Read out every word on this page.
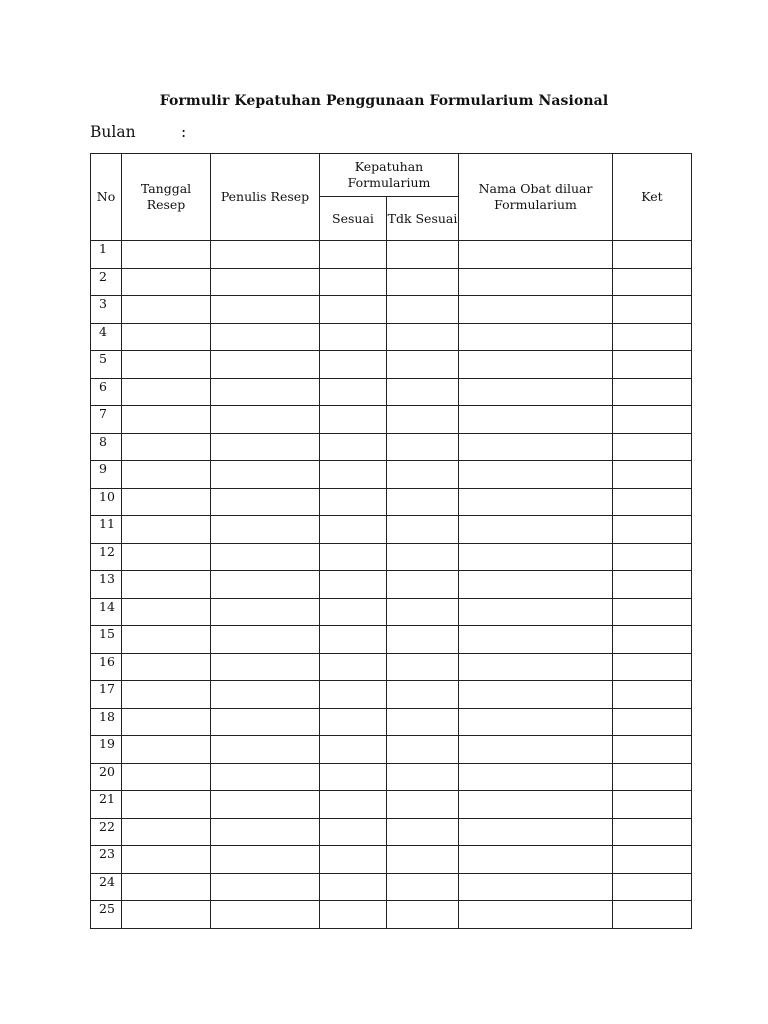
Formulir Kepatuhan Penggunaan Formularium Nasional
Bulan	:
No	Tanggal Resep	Penulis Resep	Kepatuhan Formularium		Nama Obat diluar Formularium	Ket
			Sesuai	Tdk Sesuai		
1						
2						
3						
4						
5						
6						
7						
8						
9						
10						
11						
12						
13						
14						
15						
16						
17						
18						
19						
20						
21						
22						
23						
24						
25						
